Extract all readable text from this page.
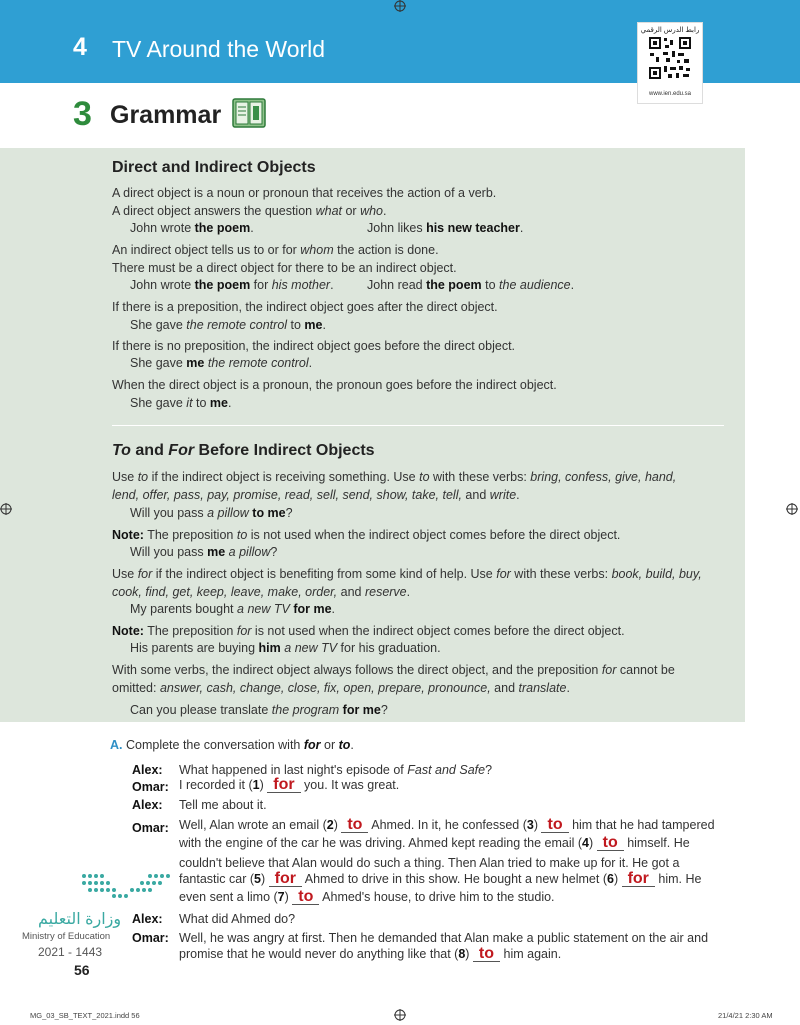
4 TV Around the World
رابط الدرس الرقمي
www.ien.edu.sa
3 Grammar
Direct and Indirect Objects
A direct object is a noun or pronoun that receives the action of a verb.
A direct object answers the question what or who.
John wrote the poem.	John likes his new teacher.
An indirect object tells us to or for whom the action is done.
There must be a direct object for there to be an indirect object.
John wrote the poem for his mother.	John read the poem to the audience.
If there is a preposition, the indirect object goes after the direct object.
She gave the remote control to me.
If there is no preposition, the indirect object goes before the direct object.
She gave me the remote control.
When the direct object is a pronoun, the pronoun goes before the indirect object.
She gave it to me.
To and For Before Indirect Objects
Use to if the indirect object is receiving something. Use to with these verbs: bring, confess, give, hand,
lend, offer, pass, pay, promise, read, sell, send, show, take, tell, and write.
Will you pass a pillow to me?
Note: The preposition to is not used when the indirect object comes before the direct object.
Will you pass me a pillow?
Use for if the indirect object is benefiting from some kind of help. Use for with these verbs: book, build, buy,
cook, find, get, keep, leave, make, order, and reserve.
My parents bought a new TV for me.
Note: The preposition for is not used when the indirect object comes before the direct object.
His parents are buying him a new TV for his graduation.
With some verbs, the indirect object always follows the direct object, and the preposition for cannot be
omitted: answer, cash, change, close, fix, open, prepare, pronounce, and translate.
Can you please translate the program for me?
A. Complete the conversation with for or to.
Alex: What happened in last night's episode of Fast and Safe?
Omar: I recorded it (1) for you. It was great.
Alex: Tell me about it.
Omar: Well, Alan wrote an email (2) to Ahmed. In it, he confessed (3) to him that he had tampered
with the engine of the car he was driving. Ahmed kept reading the email (4) to himself. He
couldn't believe that Alan would do such a thing. Then Alan tried to make up for it. He got a
fantastic car (5) for Ahmed to drive in this show. He bought a new helmet (6) for him. He
even sent a limo (7) to Ahmed's house, to drive him to the studio.
Alex: What did Ahmed do?
Omar: Well, he was angry at first. Then he demanded that Alan make a public statement on the air and
promise that he would never do anything like that (8) to him again.
وزارة التعليم
Ministry of Education
2021 - 1443
56
MG_03_SB_TEXT_2021.indd 56	21/4/21 2:30 AM
